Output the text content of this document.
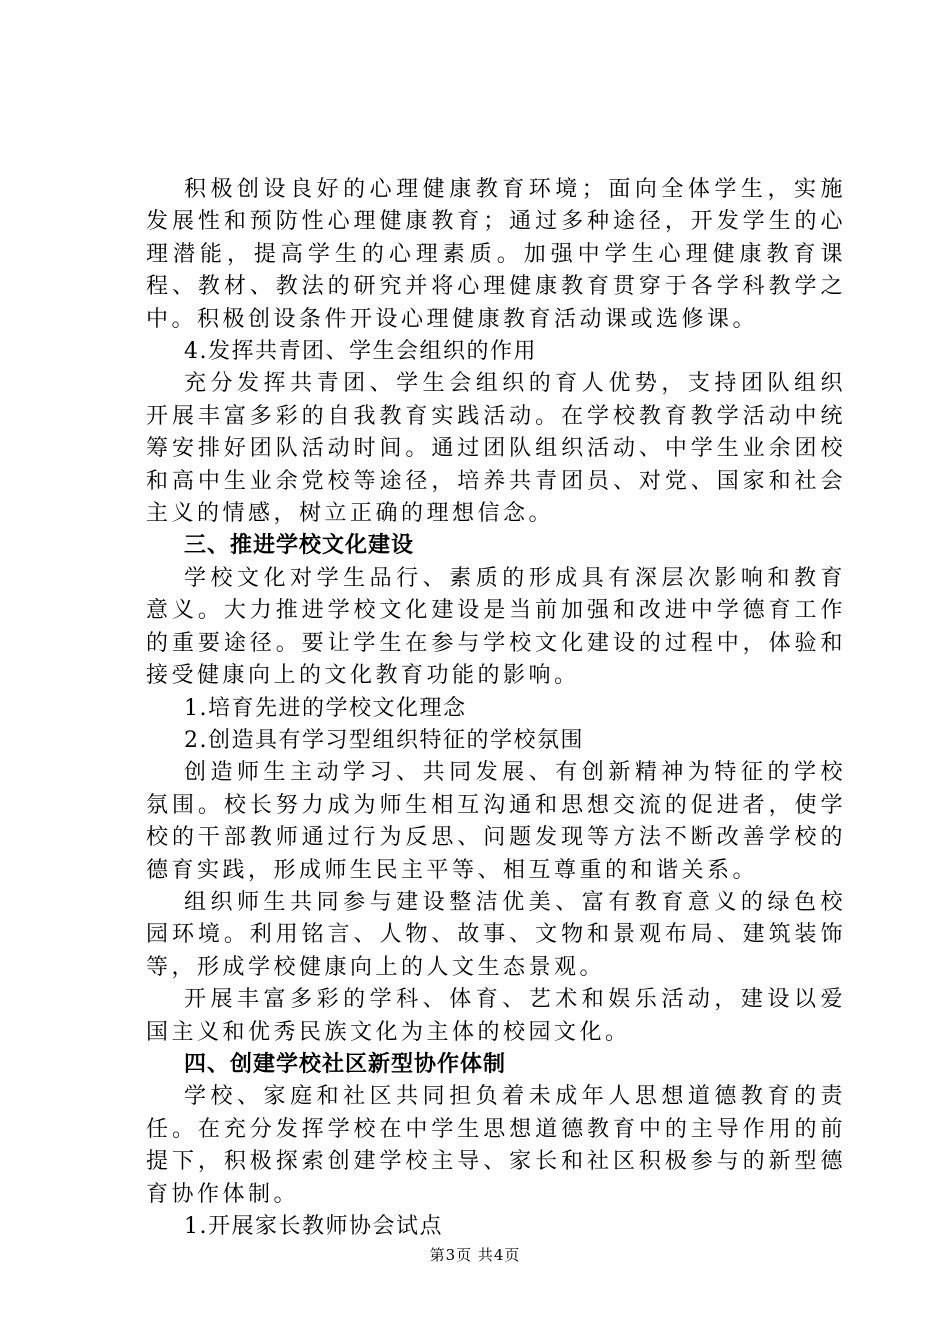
积极创设良好的心理健康教育环境；面向全体学生，实施发展性和预防性心理健康教育；通过多种途径，开发学生的心理潜能，提高学生的心理素质。加强中学生心理健康教育课程、教材、教法的研究并将心理健康教育贯穿于各学科教学之中。积极创设条件开设心理健康教育活动课或选修课。

4.发挥共青团、学生会组织的作用

充分发挥共青团、学生会组织的育人优势，支持团队组织开展丰富多彩的自我教育实践活动。在学校教育教学活动中统筹安排好团队活动时间。通过团队组织活动、中学生业余团校和高中生业余党校等途径，培养共青团员、对党、国家和社会主义的情感，树立正确的理想信念。

三、推进学校文化建设

学校文化对学生品行、素质的形成具有深层次影响和教育意义。大力推进学校文化建设是当前加强和改进中学德育工作的重要途径。要让学生在参与学校文化建设的过程中，体验和接受健康向上的文化教育功能的影响。

1.培育先进的学校文化理念

2.创造具有学习型组织特征的学校氛围

创造师生主动学习、共同发展、有创新精神为特征的学校氛围。校长努力成为师生相互沟通和思想交流的促进者，使学校的干部教师通过行为反思、问题发现等方法不断改善学校的德育实践，形成师生民主平等、相互尊重的和谐关系。

组织师生共同参与建设整洁优美、富有教育意义的绿色校园环境。利用铭言、人物、故事、文物和景观布局、建筑装饰等，形成学校健康向上的人文生态景观。

开展丰富多彩的学科、体育、艺术和娱乐活动，建设以爱国主义和优秀民族文化为主体的校园文化。

四、创建学校社区新型协作体制

学校、家庭和社区共同担负着未成年人思想道德教育的责任。在充分发挥学校在中学生思想道德教育中的主导作用的前提下，积极探索创建学校主导、家长和社区积极参与的新型德育协作体制。

1.开展家长教师协会试点

第3页 共4页
